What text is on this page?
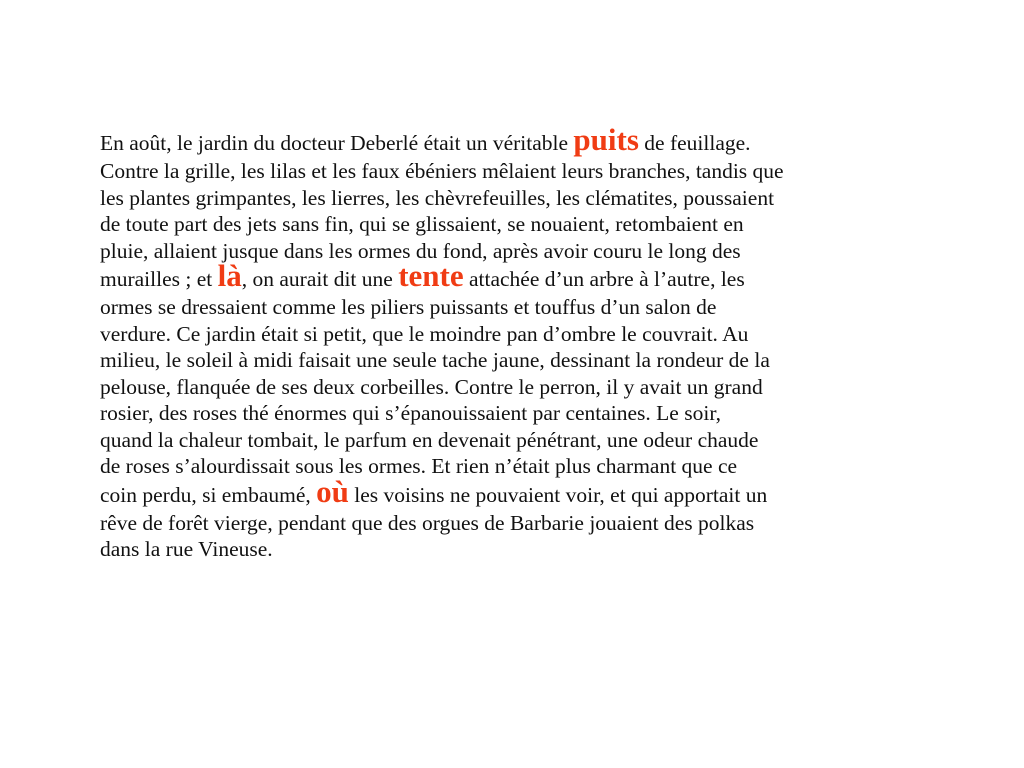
En août, le jardin du docteur Deberlé était un véritable puits de feuillage.
Contre la grille, les lilas et les faux ébéniers mêlaient leurs branches, tandis que
les plantes grimpantes, les lierres, les chèvrefeuilles, les clématites, poussaient
de toute part des jets sans fin, qui se glissaient, se nouaient, retombaient en
pluie, allaient jusque dans les ormes du fond, après avoir couru le long des
murailles ; et là, on aurait dit une tente attachée d’un arbre à l’autre, les
ormes se dressaient comme les piliers puissants et touffus d’un salon de
verdure. Ce jardin était si petit, que le moindre pan d’ombre le couvrait. Au
milieu, le soleil à midi faisait une seule tache jaune, dessinant la rondeur de la
pelouse, flanquée de ses deux corbeilles. Contre le perron, il y avait un grand
rosier, des roses thé énormes qui s’épanouissaient par centaines. Le soir,
quand la chaleur tombait, le parfum en devenait pénétrant, une odeur chaude
de roses s’alourdissait sous les ormes. Et rien n’était plus charmant que ce
coin perdu, si embaumé, où les voisins ne pouvaient voir, et qui apportait un
rêve de forêt vierge, pendant que des orgues de Barbarie jouaient des polkas
dans la rue Vineuse.
